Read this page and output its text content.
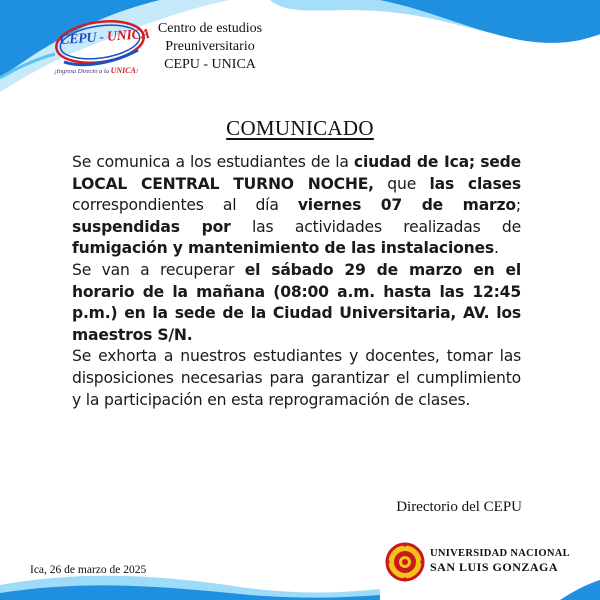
CEPU - UNICA
¡Ingresa Directo a la UNICA!
Centro de estudios
Preuniversitario
CEPU - UNICA
COMUNICADO

Se comunica a los estudiantes de la ciudad de Ica; sede LOCAL CENTRAL TURNO NOCHE, que las clases correspondientes al día viernes 07 de marzo; suspendidas por las actividades realizadas de fumigación y mantenimiento de las instalaciones.

Se van a recuperar el sábado 29 de marzo en el horario de la mañana (08:00 a.m. hasta las 12:45 p.m.) en la sede de la Ciudad Universitaria, AV. los maestros S/N.

Se exhorta a nuestros estudiantes y docentes, tomar las disposiciones necesarias para garantizar el cumplimiento y la participación en esta reprogramación de clases.

Directorio del CEPU
Ica, 26 de marzo de 2025
UNIVERSIDAD NACIONAL
SAN LUIS GONZAGA
